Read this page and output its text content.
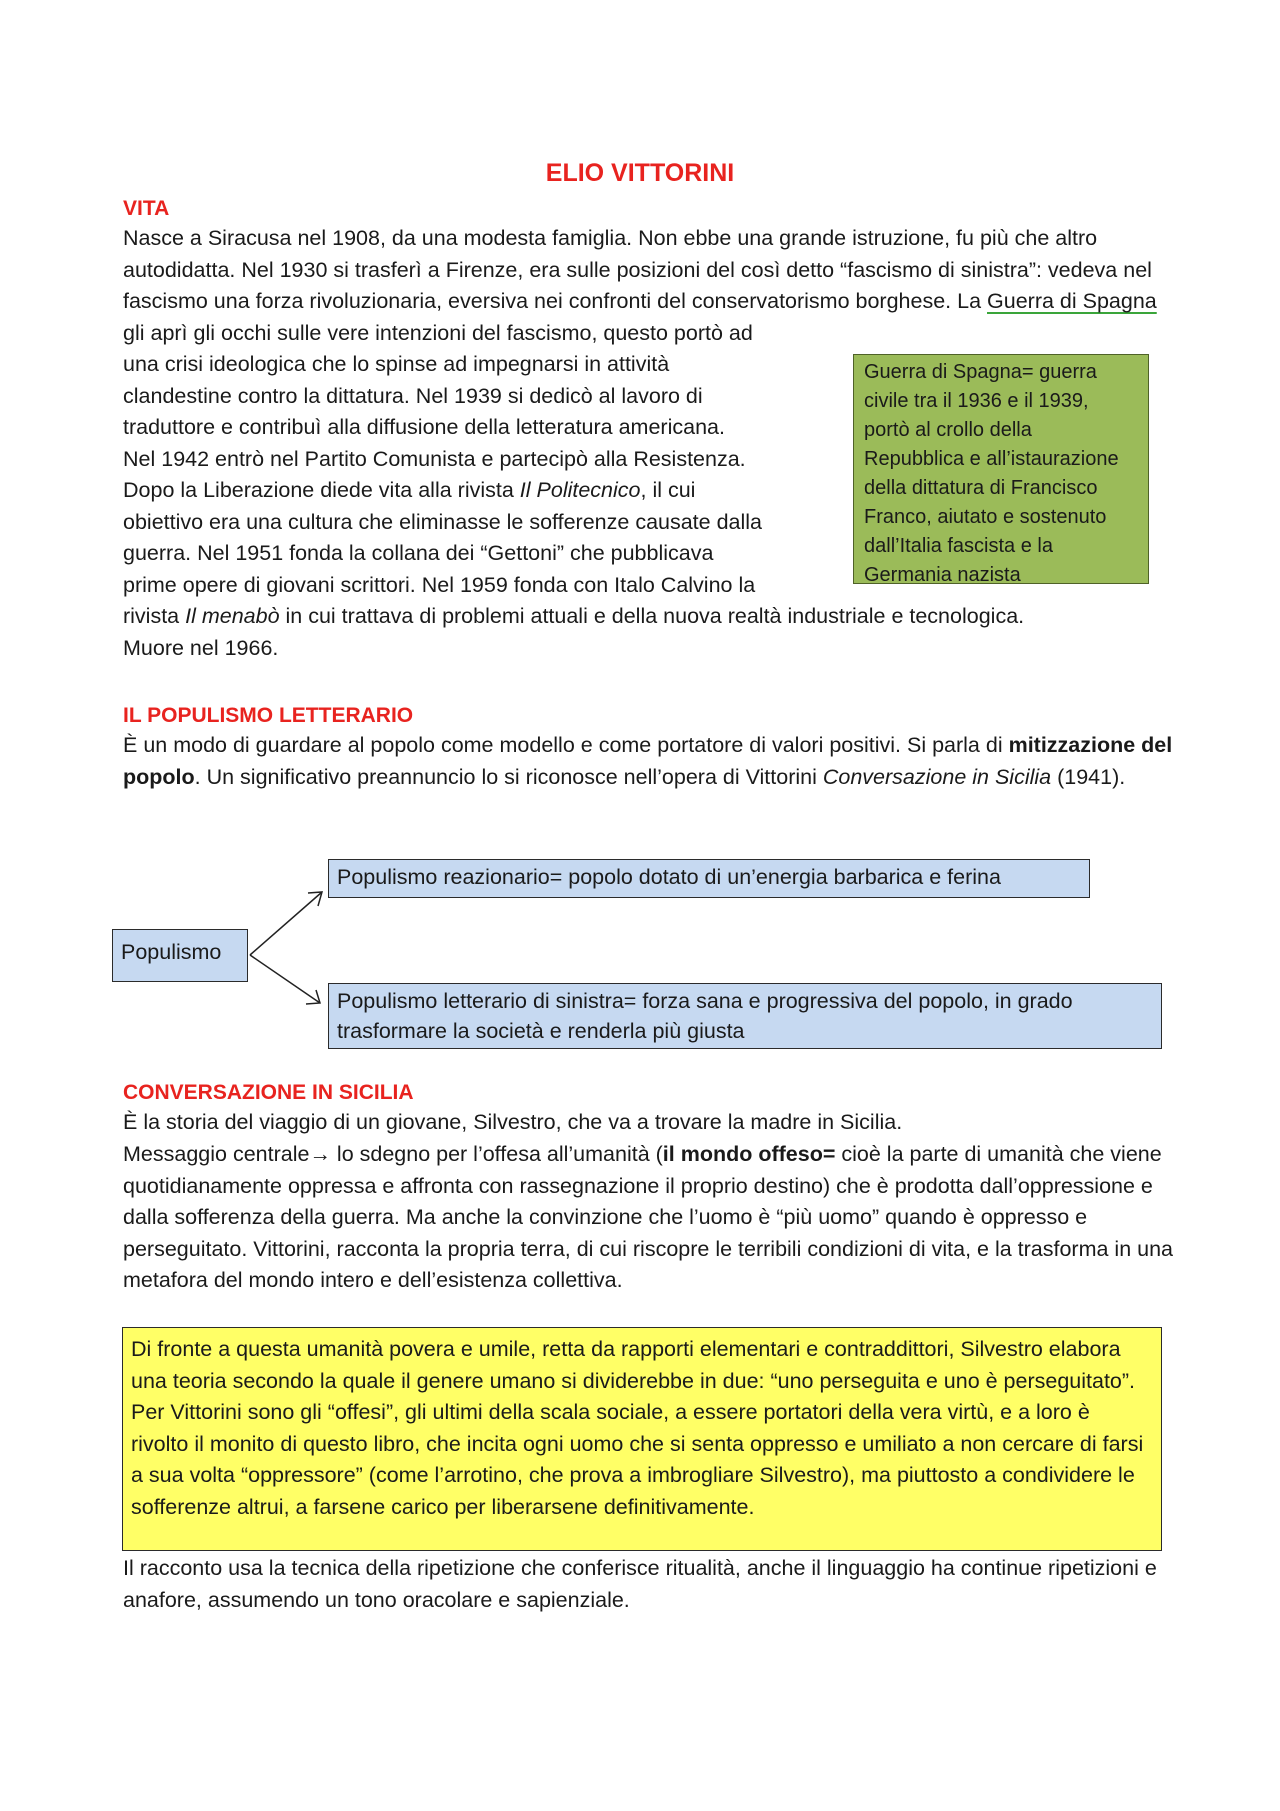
ELIO VITTORINI
VITA

Nasce a Siracusa nel 1908, da una modesta famiglia. Non ebbe una grande istruzione, fu più che altro autodidatta. Nel 1930 si trasferì a Firenze, era sulle posizioni del così detto “fascismo di sinistra”: vedeva nel fascismo una forza rivoluzionaria, eversiva nei confronti del conservatorismo borghese. La Guerra di Spagna gli aprì gli occhi sulle vere intenzioni del fascismo, questo portò ad

una crisi ideologica che lo spinse ad impegnarsi in attività
clandestine contro la dittatura. Nel 1939 si dedicò al lavoro di
traduttore e contribuì alla diffusione della letteratura americana.
Nel 1942 entrò nel Partito Comunista e partecipò alla Resistenza.
Dopo la Liberazione diede vita alla rivista Il Politecnico, il cui
obiettivo era una cultura che eliminasse le sofferenze causate dalla
guerra. Nel 1951 fonda la collana dei “Gettoni” che pubblicava
prime opere di giovani scrittori. Nel 1959 fonda con Italo Calvino la
rivista Il menabò in cui trattava di problemi attuali e della nuova realtà industriale e tecnologica.
Muore nel 1966.
Guerra di Spagna= guerra
civile tra il 1936 e il 1939,
portò al crollo della
Repubblica e all’istaurazione
della dittatura di Francisco
Franco, aiutato e sostenuto
dall’Italia fascista e la
Germania nazista
IL POPULISMO LETTERARIO

È un modo di guardare al popolo come modello e come portatore di valori positivi. Si parla di mitizzazione del popolo. Un significativo preannuncio lo si riconosce nell’opera di Vittorini Conversazione in Sicilia (1941).

Populismo
Populismo reazionario= popolo dotato di un’energia barbarica e ferina
Populismo letterario di sinistra= forza sana e progressiva del popolo, in grado trasformare la società e renderla più giusta
CONVERSAZIONE IN SICILIA

È la storia del viaggio di un giovane, Silvestro, che va a trovare la madre in Sicilia.

Messaggio centrale→ lo sdegno per l’offesa all’umanità (il mondo offeso= cioè la parte di umanità che viene quotidianamente oppressa e affronta con rassegnazione il proprio destino) che è prodotta dall’oppressione e dalla sofferenza della guerra. Ma anche la convinzione che l’uomo è “più uomo” quando è oppresso e perseguitato. Vittorini, racconta la propria terra, di cui riscopre le terribili condizioni di vita, e la trasforma in una metafora del mondo intero e dell’esistenza collettiva.

Di fronte a questa umanità povera e umile, retta da rapporti elementari e contraddittori, Silvestro elabora una teoria secondo la quale il genere umano si dividerebbe in due: “uno perseguita e uno è perseguitato”. Per Vittorini sono gli “offesi”, gli ultimi della scala sociale, a essere portatori della vera virtù, e a loro è rivolto il monito di questo libro, che incita ogni uomo che si senta oppresso e umiliato a non cercare di farsi a sua volta “oppressore” (come l’arrotino, che prova a imbrogliare Silvestro), ma piuttosto a condividere le sofferenze altrui, a farsene carico per liberarsene definitivamente.

Il racconto usa la tecnica della ripetizione che conferisce ritualità, anche il linguaggio ha continue ripetizioni e anafore, assumendo un tono oracolare e sapienziale.
